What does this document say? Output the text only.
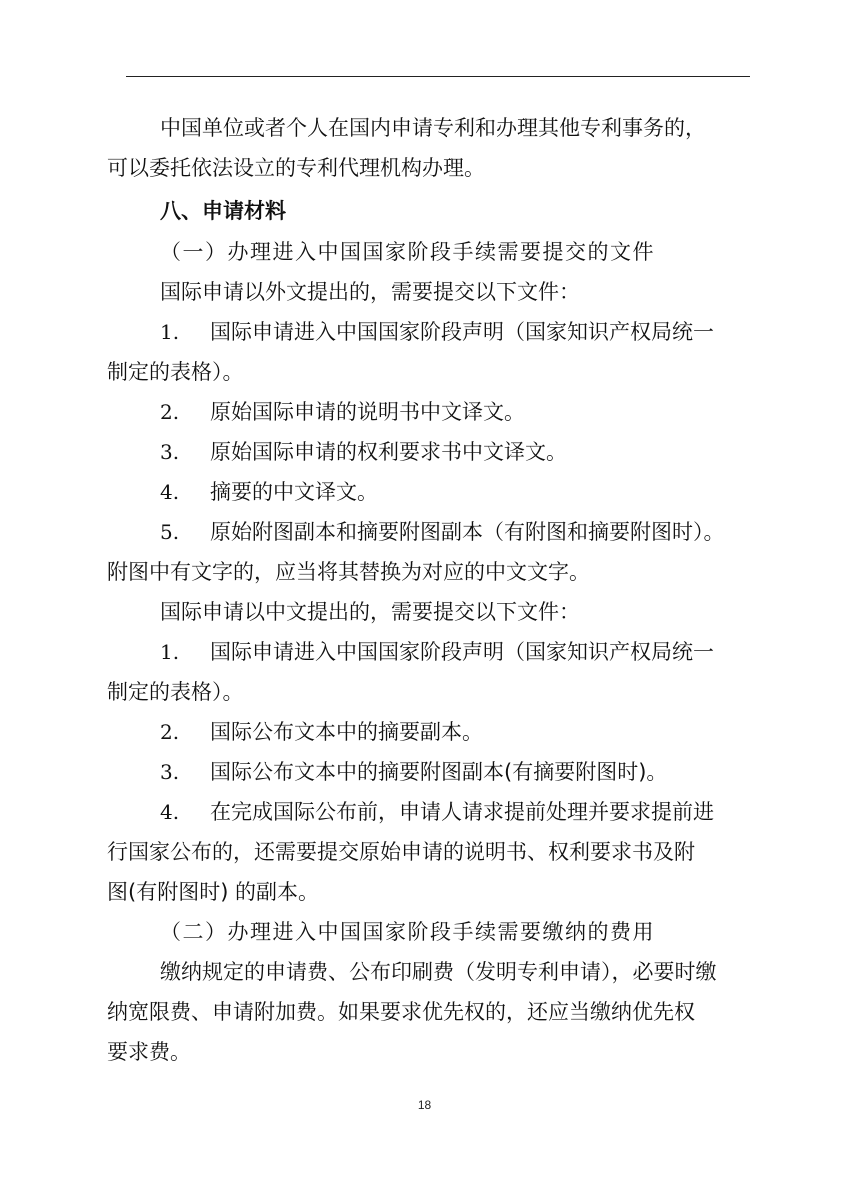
中国单位或者个人在国内申请专利和办理其他专利事务的，
可以委托依法设立的专利代理机构办理。
八、申请材料
（一）办理进入中国国家阶段手续需要提交的文件
国际申请以外文提出的，需要提交以下文件：
1. 国际申请进入中国国家阶段声明（国家知识产权局统一
制定的表格）。
2. 原始国际申请的说明书中文译文。
3. 原始国际申请的权利要求书中文译文。
4. 摘要的中文译文。
5. 原始附图副本和摘要附图副本（有附图和摘要附图时）。
附图中有文字的，应当将其替换为对应的中文文字。
国际申请以中文提出的，需要提交以下文件：
1. 国际申请进入中国国家阶段声明（国家知识产权局统一
制定的表格）。
2. 国际公布文本中的摘要副本。
3. 国际公布文本中的摘要附图副本(有摘要附图时)。
4. 在完成国际公布前，申请人请求提前处理并要求提前进
行国家公布的，还需要提交原始申请的说明书、权利要求书及附
图(有附图时) 的副本。
（二）办理进入中国国家阶段手续需要缴纳的费用
缴纳规定的申请费、公布印刷费（发明专利申请），必要时缴
纳宽限费、申请附加费。如果要求优先权的，还应当缴纳优先权
要求费。
18
